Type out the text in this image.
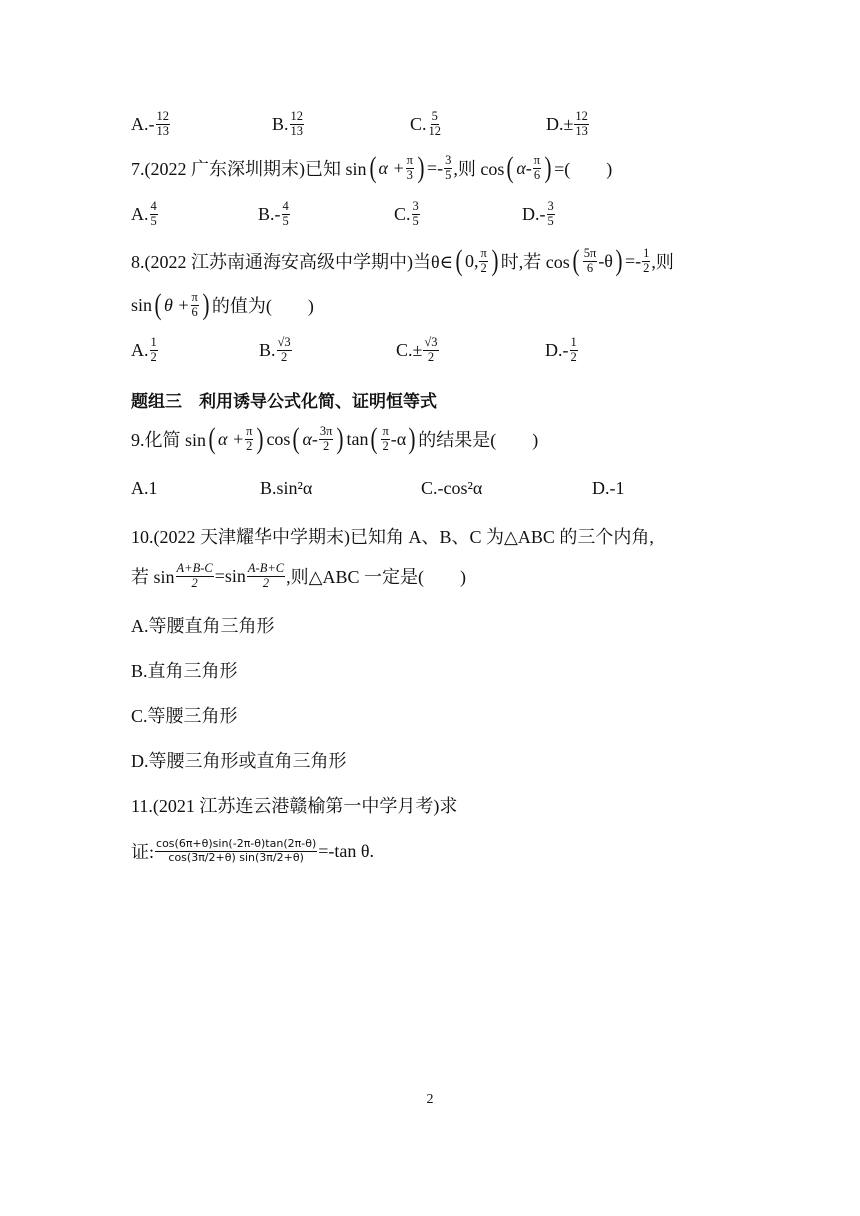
$A.- \frac{12}{13}$	B. $\frac{12}{13}$	C. $\frac{5}{12}$	$D.\pm \frac{12}{13}$
7.(2022 广东深圳期末)已知 sin ( $\alpha + \frac{\pi}{3}$ ) =- $\frac{3}{5}$ ,则 cos ( $\alpha- \frac{\pi}{6}$ ) =(　　)
A. $\frac{4}{5}$	$B.- \frac{4}{5}$	C. $\frac{3}{5}$	$D.- \frac{3}{5}$
8.(2022 江苏南通海安高级中学期中)当θ∈ ( 0, $\frac{\pi}{2}$ ) 时,若 cos ( $\frac{5\pi}{6} -\theta$ ) =- $\frac{1}{2}$ ,则
sin ( $\theta + \frac{\pi}{6}$ ) 的值为(　　)
A. $\frac{1}{2}$	B. $\frac{√3}{2}$	$C.\pm \frac{√3}{2}$	$D.- \frac{1}{2}$
题组三　利用诱导公式化简、证明恒等式
9.化简 sin ( $\alpha + \frac{\pi}{2}$ ) cos ( $\alpha- \frac{3\pi}{2}$ ) tan ( $\frac{\pi}{2} -\alpha$ ) 的结果是(　　)
A.1	B.sin²α	C.-cos²α	D.-1
10.(2022 天津耀华中学期末)已知角 A、B、C 为△ABC 的三个内角,
若 $\sin \frac{A+B-C}{2} =\sin \frac{A-B+C}{2}$ ,则△ABC 一定是(　　)
A.等腰直角三角形
B.直角三角形
C.等腰三角形
D.等腰三角形或直角三角形
11.(2021 江苏连云港赣榆第一中学月考)求
证: $\frac{\cos(6\pi+\theta)\sin(-2\pi-\theta)\tan(2\pi-\theta)}{\cos(3\pi/2+\theta) \sin(3\pi/2+\theta)} =-\tan$ θ.
2
